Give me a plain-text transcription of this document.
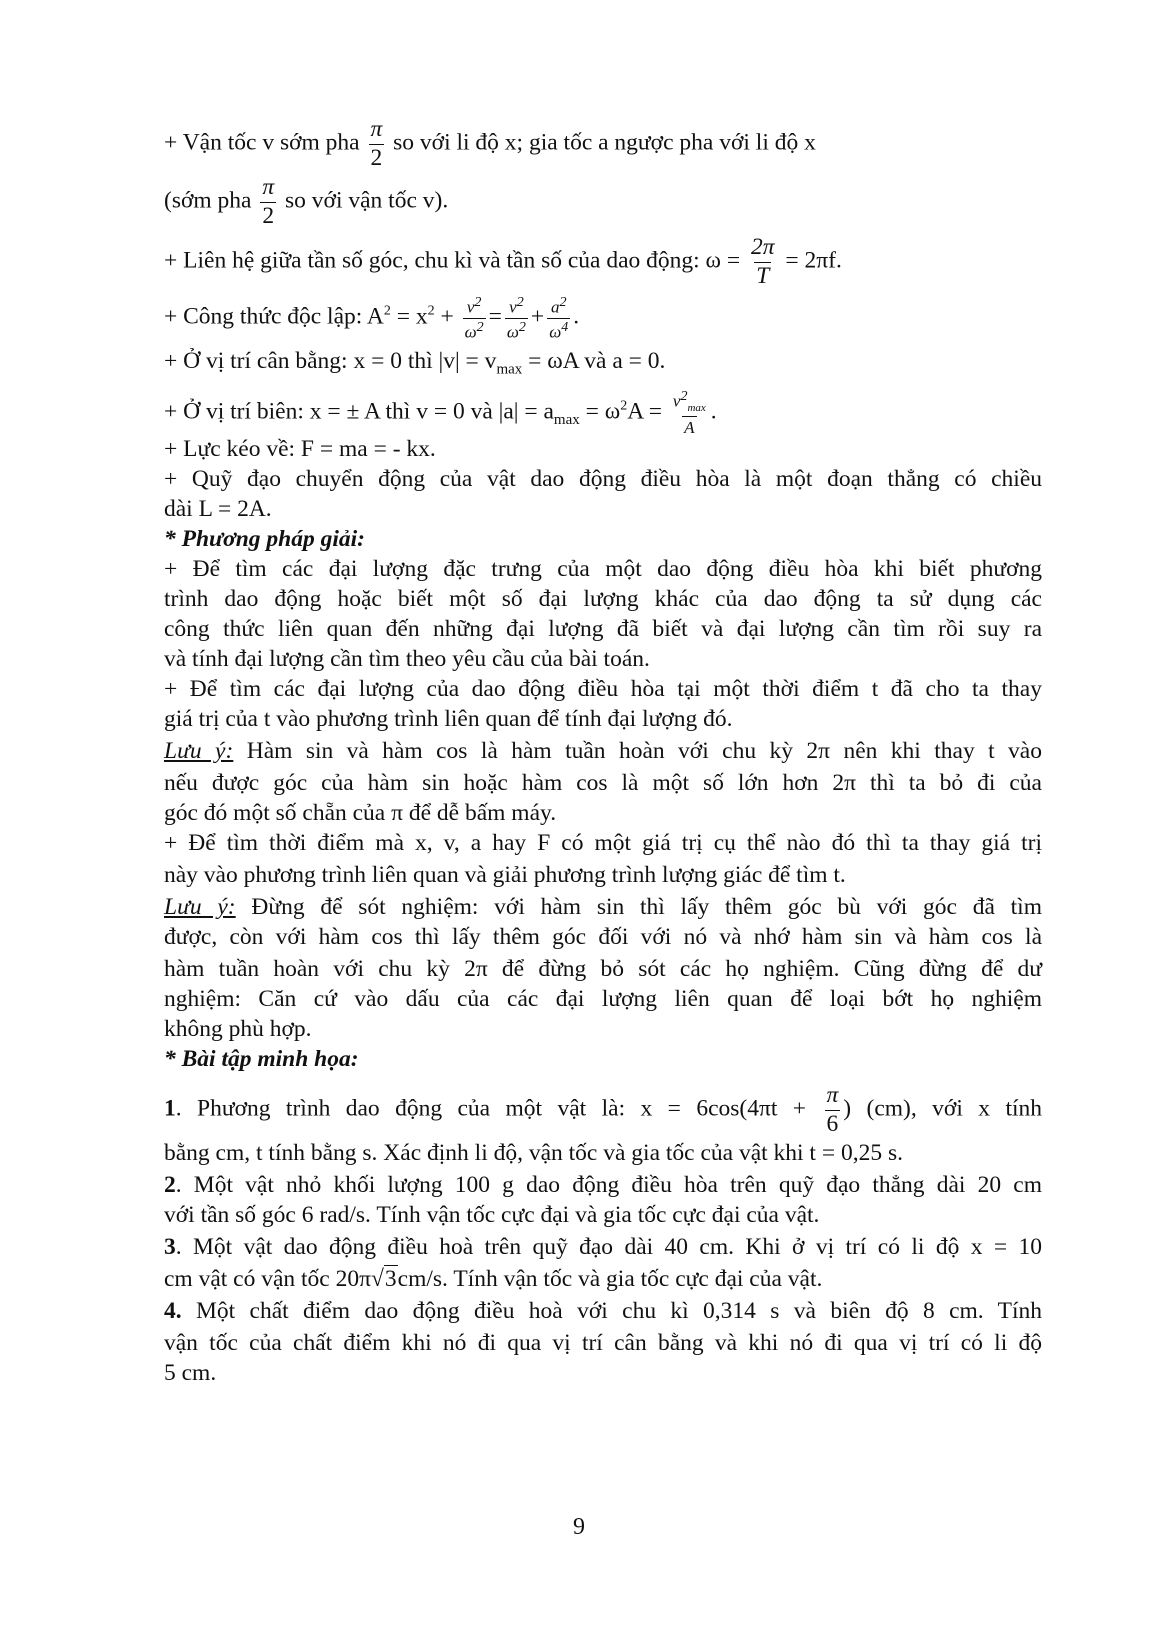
+ Vận tốc v sớm pha $\frac{\pi}{2}$ so với li độ x; gia tốc a ngược pha với li độ x
(sớm pha $\frac{\pi}{2}$ so với vận tốc v).
+ Liên hệ giữa tần số góc, chu kì và tần số của dao động: $\omega = \frac{2\pi}{T} = 2\pi f$.
+ Công thức độc lập: $A^2 = x^2 + \frac{v^2}{\omega^2} = \frac{v^2}{\omega^2} + \frac{a^2}{\omega^4}$ .
+ Ở vị trí cân bằng: x = 0 thì $|v| = v_{max} = \omega A$ và a = 0.
+ Ở vị trí biên: x = ± A thì v = 0 và $|a| = a_{max} = \omega^2A = \frac{v^2_{max}}{A}$ .
+ Lực kéo về: F = ma = - kx.
+ Quỹ đạo chuyển động của vật dao động điều hòa là một đoạn thẳng có chiều
dài L = 2A.
* Phương pháp giải:
+ Để tìm các đại lượng đặc trưng của một dao động điều hòa khi biết phương
trình dao động hoặc biết một số đại lượng khác của dao động ta sử dụng các
công thức liên quan đến những đại lượng đã biết và đại lượng cần tìm rồi suy ra
và tính đại lượng cần tìm theo yêu cầu của bài toán.
+ Để tìm các đại lượng của dao động điều hòa tại một thời điểm t đã cho ta thay
giá trị của t vào phương trình liên quan để tính đại lượng đó.
Lưu ý: Hàm sin và hàm cos là hàm tuần hoàn với chu kỳ 2π nên khi thay t vào
nếu được góc của hàm sin hoặc hàm cos là một số lớn hơn 2π thì ta bỏ đi của
góc đó một số chẵn của π để dễ bấm máy.
+ Để tìm thời điểm mà x, v, a hay F có một giá trị cụ thể nào đó thì ta thay giá trị
này vào phương trình liên quan và giải phương trình lượng giác để tìm t.
Lưu ý: Đừng để sót nghiệm: với hàm sin thì lấy thêm góc bù với góc đã tìm
được, còn với hàm cos thì lấy thêm góc đối với nó và nhớ hàm sin và hàm cos là
hàm tuần hoàn với chu kỳ 2π để đừng bỏ sót các họ nghiệm. Cũng đừng để dư
nghiệm: Căn cứ vào dấu của các đại lượng liên quan để loại bớt họ nghiệm
không phù hợp.
* Bài tập minh họa:
1. Phương trình dao động của một vật là: $x = 6\cos(4\pi t + \frac{\pi}{6}$ ) (cm), với x tính
bằng cm, t tính bằng s. Xác định li độ, vận tốc và gia tốc của vật khi t = 0,25 s.
2. Một vật nhỏ khối lượng 100 g dao động điều hòa trên quỹ đạo thẳng dài 20 cm
với tần số góc 6 rad/s. Tính vận tốc cực đại và gia tốc cực đại của vật.
3. Một vật dao động điều hoà trên quỹ đạo dài 40 cm. Khi ở vị trí có li độ x = 10
cm vật có vận tốc 20π√3cm/s. Tính vận tốc và gia tốc cực đại của vật.
4. Một chất điểm dao động điều hoà với chu kì 0,314 s và biên độ 8 cm. Tính
vận tốc của chất điểm khi nó đi qua vị trí cân bằng và khi nó đi qua vị trí có li độ
5 cm.
9
